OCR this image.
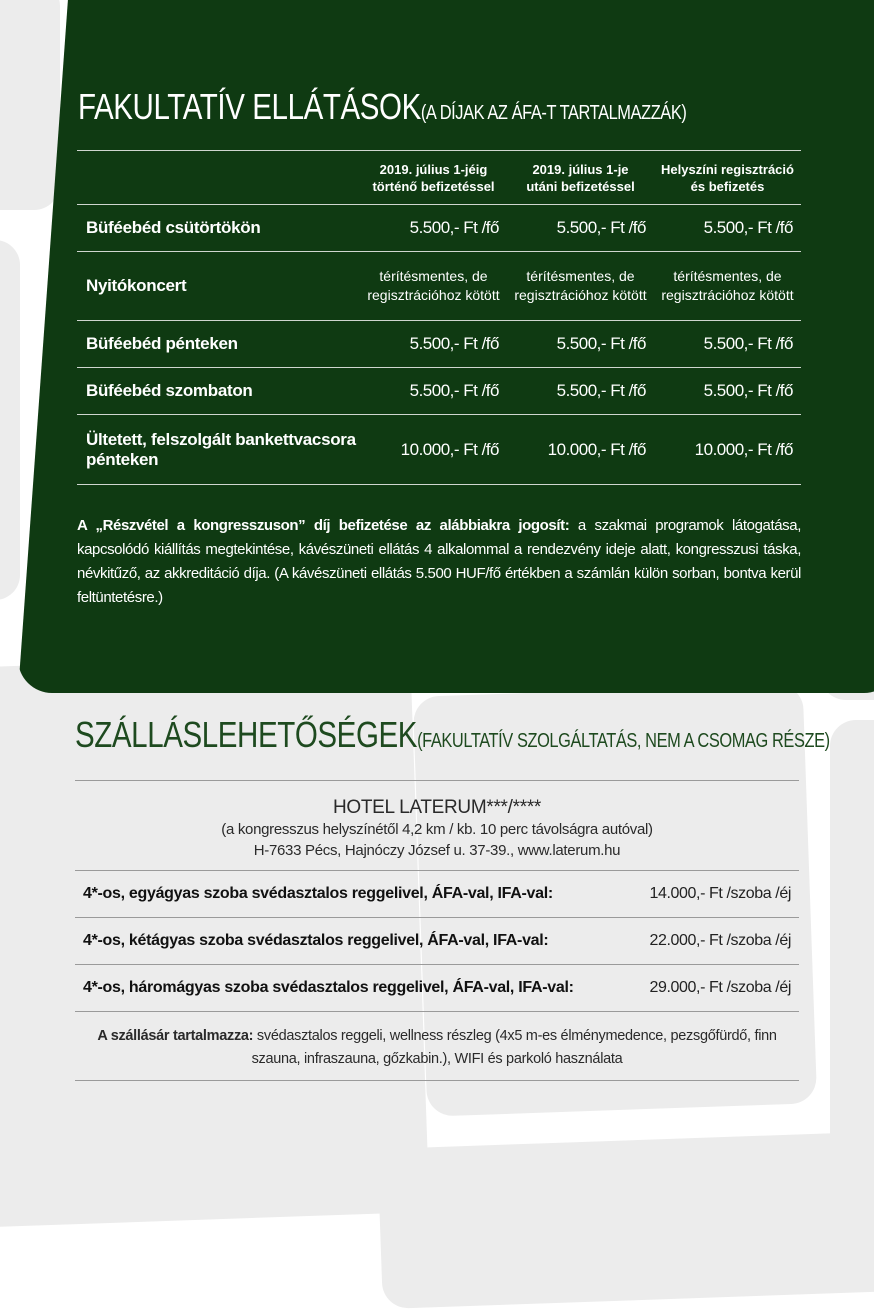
FAKULTATÍV ELLÁTÁSOK(A DÍJAK AZ ÁFA-T TARTALMAZZÁK)
	2019. július 1-jéig
történő befizetéssel	2019. július 1-je
utáni befizetéssel	Helyszíni regisztráció
és befizetés
Büféebéd csütörtökön	5.500,- Ft /fő	5.500,- Ft /fő	5.500,- Ft /fő
Nyitókoncert	térítésmentes, de
regisztrációhoz kötött	térítésmentes, de
regisztrációhoz kötött	térítésmentes, de
regisztrációhoz kötött
Büféebéd pénteken	5.500,- Ft /fő	5.500,- Ft /fő	5.500,- Ft /fő
Büféebéd szombaton	5.500,- Ft /fő	5.500,- Ft /fő	5.500,- Ft /fő
Ültetett, felszolgált bankettvacsora
pénteken	10.000,- Ft /fő	10.000,- Ft /fő	10.000,- Ft /fő
A „Részvétel a kongresszuson” díj befizetése az alábbiakra jogosít: a szakmai programok látogatása, kapcsolódó kiállítás megtekintése, kávészüneti ellátás 4 alkalommal a rendezvény ideje alatt, kongresszusi táska, névkitűző, az akkreditáció díja. (A kávészüneti ellátás 5.500 HUF/fő értékben a számlán külön sorban, bontva kerül feltüntetésre.)
SZÁLLÁSLEHETŐSÉGEK(FAKULTATÍV SZOLGÁLTATÁS, NEM A CSOMAG RÉSZE)
HOTEL LATERUM***/****
(a kongresszus helyszínétől 4,2 km / kb. 10 perc távolságra autóval)
H-7633 Pécs, Hajnóczy József u. 37-39., www.laterum.hu
4*-os, egyágyas szoba svédasztalos reggelivel, ÁFA-val, IFA-val:	14.000,- Ft /szoba /éj
4*-os, kétágyas szoba svédasztalos reggelivel, ÁFA-val, IFA-val:	22.000,- Ft /szoba /éj
4*-os, háromágyas szoba svédasztalos reggelivel, ÁFA-val, IFA-val:	29.000,- Ft /szoba /éj
A szállásár tartalmazza: svédasztalos reggeli, wellness részleg (4x5 m-es élménymedence, pezsgőfürdő, finn szauna, infraszauna, gőzkabin.), WIFI és parkoló használata
